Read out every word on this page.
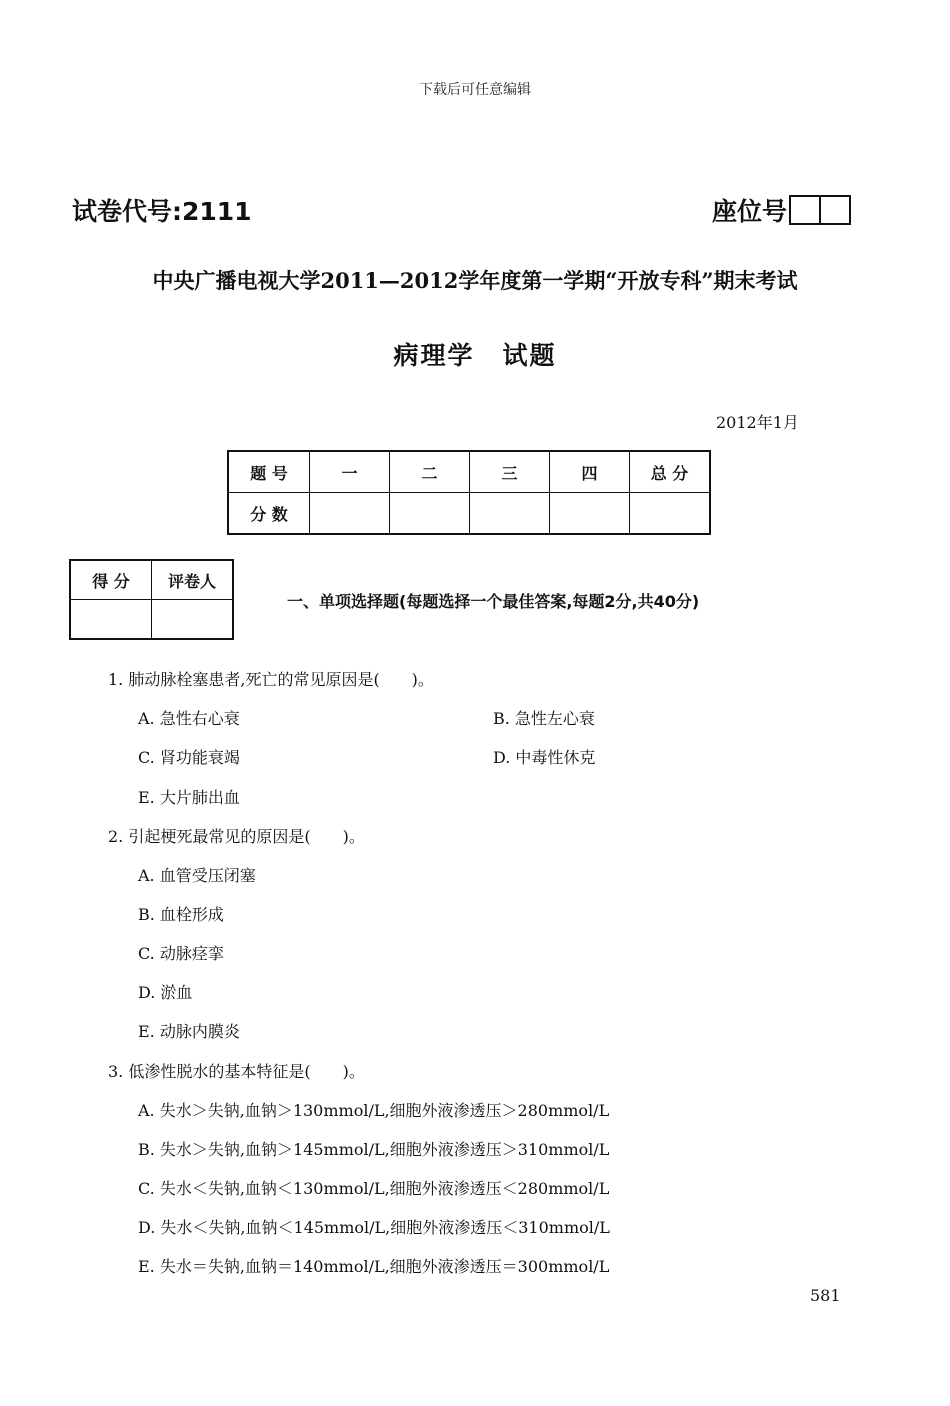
下载后可任意编辑
试卷代号:2111	座位号
中央广播电视大学2011—2012学年度第一学期“开放专科”期末考试
病理学 试题
2012年1月
题 号	一	二	三	四	总 分
分 数					
得 分	评卷人

一、单项选择题(每题选择一个最佳答案,每题2分,共40分)
1. 肺动脉栓塞患者,死亡的常见原因是(　　)。
A. 急性右心衰	B. 急性左心衰
C. 肾功能衰竭	D. 中毒性休克
E. 大片肺出血
2. 引起梗死最常见的原因是(　　)。
A. 血管受压闭塞
B. 血栓形成
C. 动脉痉挛
D. 淤血
E. 动脉内膜炎
3. 低渗性脱水的基本特征是(　　)。
A. 失水＞失钠,血钠＞130mmol/L,细胞外液渗透压＞280mmol/L
B. 失水＞失钠,血钠＞145mmol/L,细胞外液渗透压＞310mmol/L
C. 失水＜失钠,血钠＜130mmol/L,细胞外液渗透压＜280mmol/L
D. 失水＜失钠,血钠＜145mmol/L,细胞外液渗透压＜310mmol/L
E. 失水＝失钠,血钠＝140mmol/L,细胞外液渗透压＝300mmol/L
581
